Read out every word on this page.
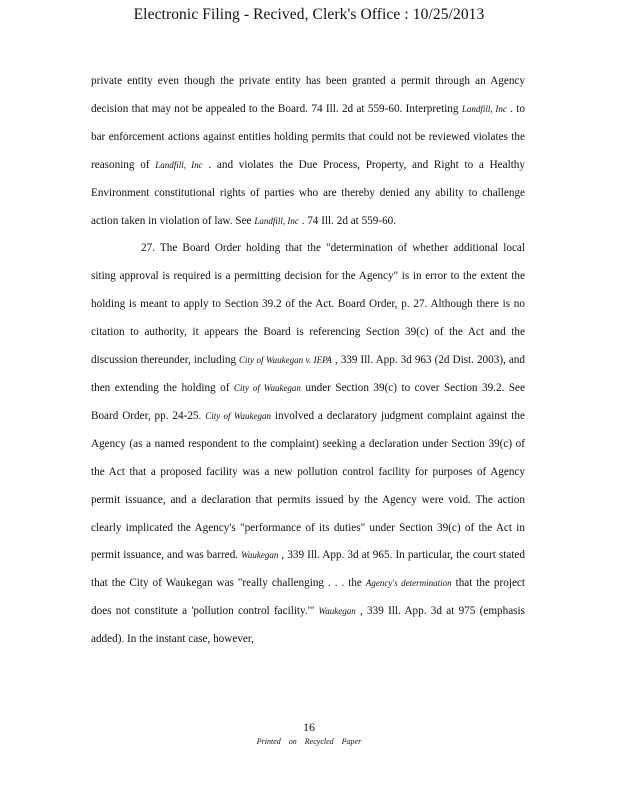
Electronic Filing - Recived, Clerk's Office : 10/25/2013

private entity even though the private entity has been granted a permit through an Agency decision that may not be appealed to the Board. 74 Ill. 2d at 559-60. Interpreting Landfill, Inc . to bar enforcement actions against entities holding permits that could not be reviewed violates the reasoning of Landfill, Inc . and violates the Due Process, Property, and Right to a Healthy Environment constitutional rights of parties who are thereby denied any ability to challenge action taken in violation of law. See Landfill, Inc . 74 Ill. 2d at 559-60.

27. The Board Order holding that the "determination of whether additional local siting approval is required is a permitting decision for the Agency" is in error to the extent the holding is meant to apply to Section 39.2 of the Act. Board Order, p. 27. Although there is no citation to authority, it appears the Board is referencing Section 39(c) of the Act and the discussion thereunder, including City of Waukegan v. IEPA , 339 Ill. App. 3d 963 (2d Dist. 2003), and then extending the holding of City of Waukegan under Section 39(c) to cover Section 39.2. See Board Order, pp. 24-25. City of Waukegan involved a declaratory judgment complaint against the Agency (as a named respondent to the complaint) seeking a declaration under Section 39(c) of the Act that a proposed facility was a new pollution control facility for purposes of Agency permit issuance, and a declaration that permits issued by the Agency were void. The action clearly implicated the Agency's "performance of its duties" under Section 39(c) of the Act in permit issuance, and was barred. Waukegan , 339 Ill. App. 3d at 965. In particular, the court stated that the City of Waukegan was "really challenging . . . the Agency's determination that the project does not constitute a 'pollution control facility.'" Waukegan , 339 Ill. App. 3d at 975 (emphasis added). In the instant case, however,

16
Printed on Recycled Paper
